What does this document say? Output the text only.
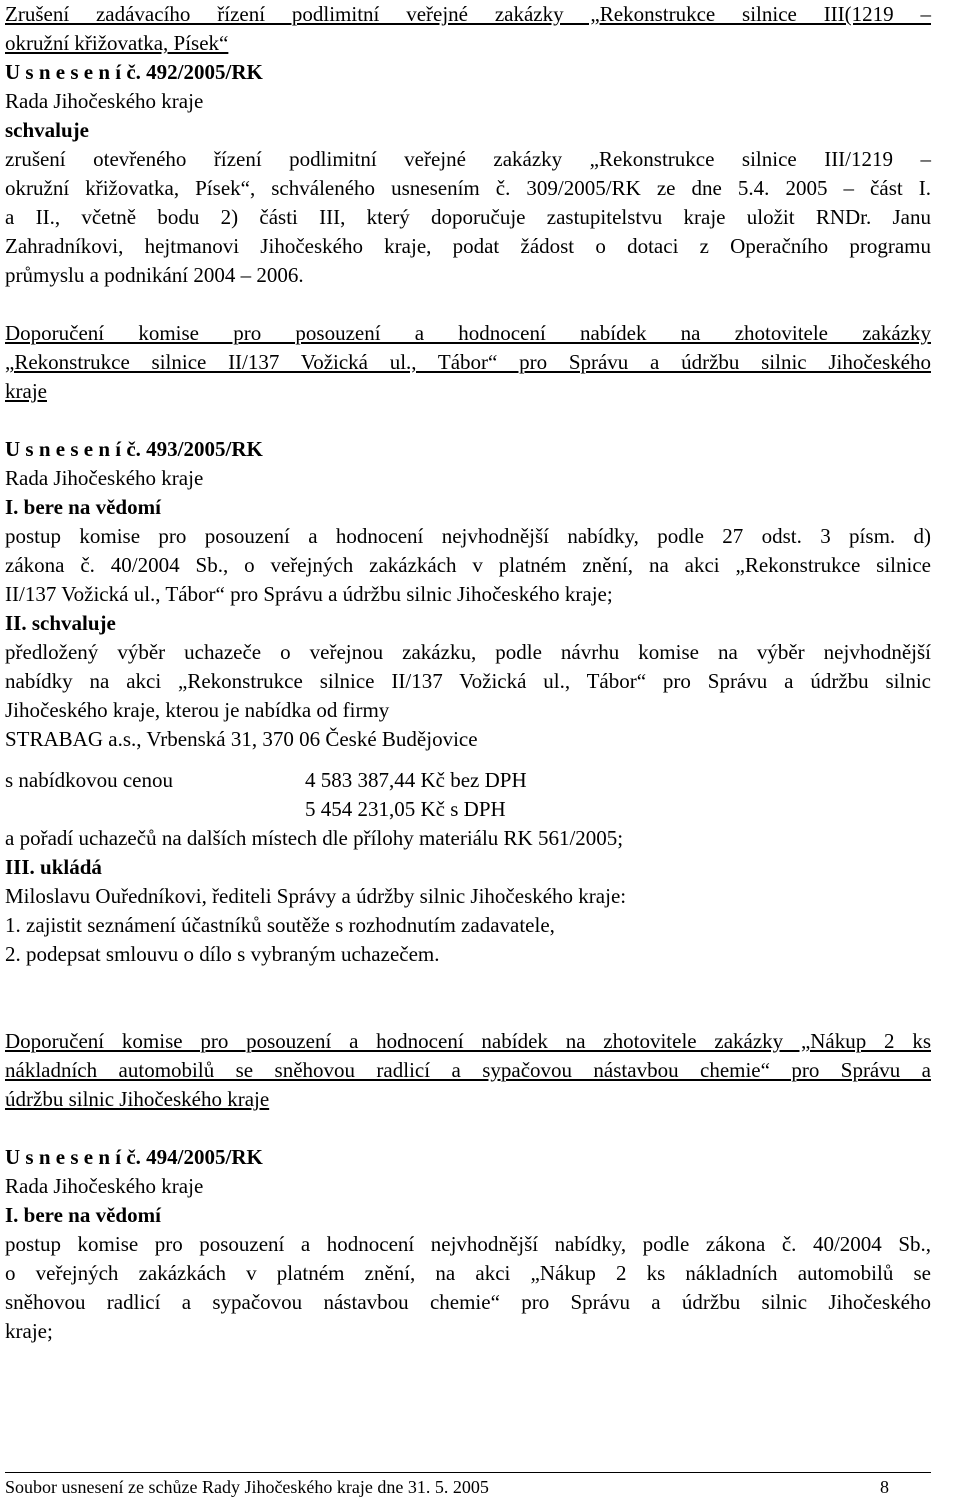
Zrušení zadávacího řízení podlimitní veřejné zakázky „Rekonstrukce silnice III(1219 –
okružní křižovatka, Písek“
U s n e s e n í č. 492/2005/RK
Rada Jihočeského kraje
schvaluje
zrušení otevřeného řízení podlimitní veřejné zakázky „Rekonstrukce silnice III/1219 –
okružní křižovatka, Písek“, schváleného usnesením č. 309/2005/RK ze dne 5.4. 2005 – část I.
a II., včetně bodu 2) části III, který doporučuje zastupitelstvu kraje uložit RNDr. Janu
Zahradníkovi, hejtmanovi Jihočeského kraje, podat žádost o dotaci z Operačního programu
průmyslu a podnikání 2004 – 2006.
Doporučení komise pro posouzení a hodnocení nabídek na zhotovitele zakázky
„Rekonstrukce silnice II/137 Vožická ul., Tábor“ pro Správu a údržbu silnic Jihočeského
kraje
U s n e s e n í č. 493/2005/RK
Rada Jihočeského kraje
I. bere na vědomí
postup komise pro posouzení a hodnocení nejvhodnější nabídky, podle 27 odst. 3 písm. d)
zákona č. 40/2004 Sb., o veřejných zakázkách v platném znění, na akci „Rekonstrukce silnice
II/137 Vožická ul., Tábor“ pro Správu a údržbu silnic Jihočeského kraje;
II. schvaluje
předložený výběr uchazeče o veřejnou zakázku, podle návrhu komise na výběr nejvhodnější
nabídky na akci „Rekonstrukce silnice II/137 Vožická ul., Tábor“ pro Správu a údržbu silnic
Jihočeského kraje, kterou je nabídka od firmy
STRABAG a.s., Vrbenská 31, 370 06 České Budějovice
s nabídkovou cenou	4 583 387,44 Kč bez DPH
5 454 231,05 Kč s DPH
a pořadí uchazečů na dalších místech dle přílohy materiálu RK 561/2005;
III. ukládá
Miloslavu Ouředníkovi, řediteli Správy a údržby silnic Jihočeského kraje:
1. zajistit seznámení účastníků soutěže s rozhodnutím zadavatele,
2. podepsat smlouvu o dílo s vybraným uchazečem.
Doporučení komise pro posouzení a hodnocení nabídek na zhotovitele zakázky „Nákup 2 ks
nákladních automobilů se sněhovou radlicí a sypačovou nástavbou chemie“ pro Správu a
údržbu silnic Jihočeského kraje
U s n e s e n í č. 494/2005/RK
Rada Jihočeského kraje
I. bere na vědomí
postup komise pro posouzení a hodnocení nejvhodnější nabídky, podle zákona č. 40/2004 Sb.,
o veřejných zakázkách v platném znění, na akci „Nákup 2 ks nákladních automobilů se
sněhovou radlicí a sypačovou nástavbou chemie“ pro Správu a údržbu silnic Jihočeského
kraje;
Soubor usnesení ze schůze Rady Jihočeského kraje dne 31. 5. 2005	8
